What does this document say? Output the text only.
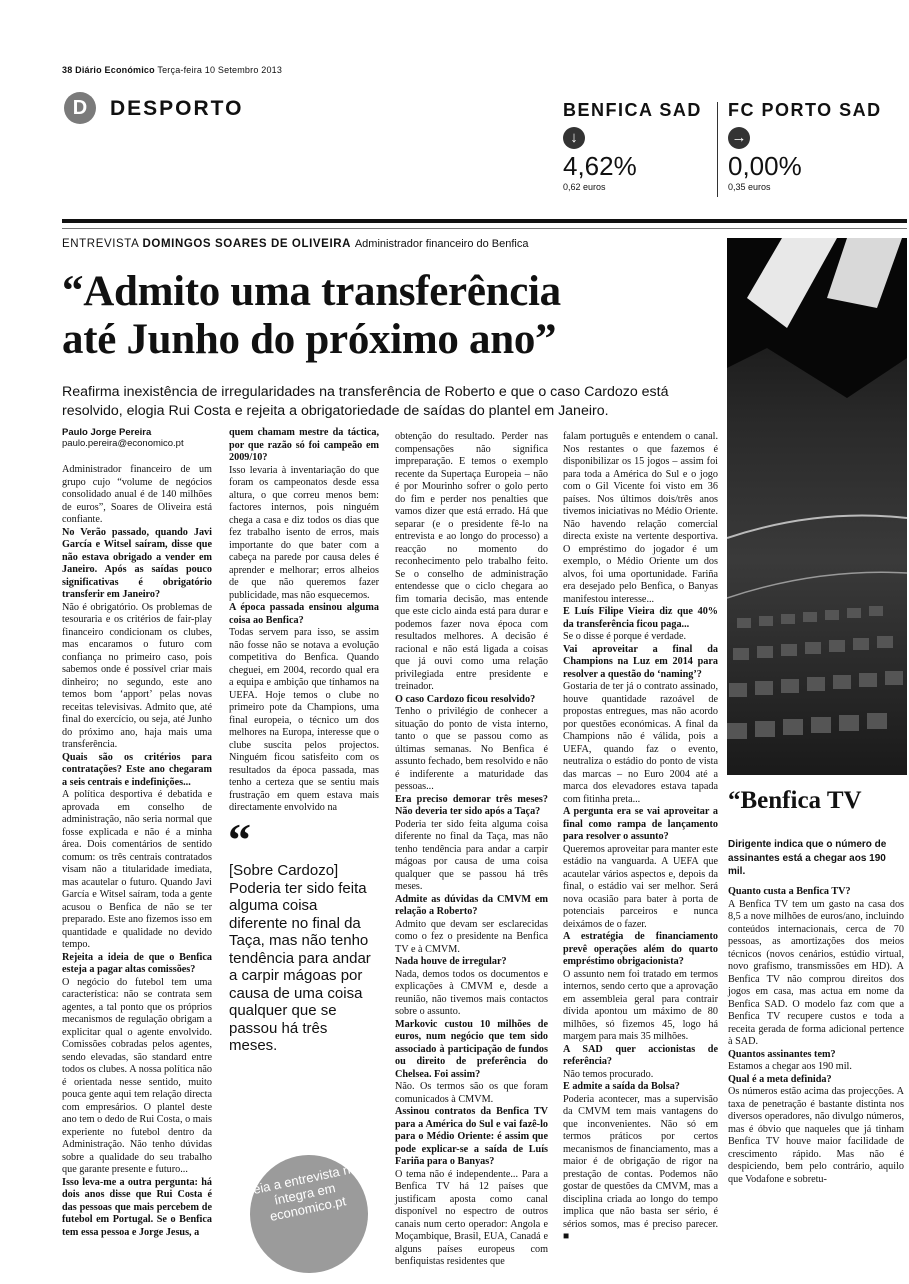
38 Diário Económico Terça-feira 10 Setembro 2013
D	DESPORTO	BENFICA SAD
↓
4,62%
0,62 euros
FC PORTO SAD
→
0,00%
0,35 euros
ENTREVISTA DOMINGOS SOARES DE OLIVEIRA Administrador financeiro do Benfica
“Admito uma transferência
até Junho do próximo ano”
Reafirma inexistência de irregularidades na transferência de Roberto e que o caso Cardozo está resolvido, elogia Rui Costa e rejeita a obrigatoriedade de saídas do plantel em Janeiro.
“Benfica TV
Dirigente indica que o número de assinantes está a chegar aos 190 mil.
Paulo Jorge Pereira
paulo.pereira@economico.pt

Administrador financeiro de um grupo cujo “volume de negócios consolidado anual é de 140 milhões de euros”, Soares de Oliveira está confiante.

No Verão passado, quando Javi García e Witsel saíram, disse que não estava obrigado a vender em Janeiro. Após as saídas pouco significativas é obrigatório transferir em Janeiro?

Não é obrigatório. Os problemas de tesouraria e os critérios de fair-play financeiro condicionam os clubes, mas encaramos o futuro com confiança no primeiro caso, pois sabemos onde é possível criar mais dinheiro; no segundo, este ano temos bom ‘apport’ pelas novas receitas televisivas. Admito que, até final do exercício, ou seja, até Junho do próximo ano, haja mais uma transferência.

Quais são os critérios para contratações? Este ano chegaram a seis centrais e indefinições...

A política desportiva é debatida e aprovada em conselho de administração, não seria normal que fosse explicada e não é a minha área. Dois comentários de sentido comum: os três centrais contratados visam não a titularidade imediata, mas acautelar o futuro. Quando Javi García e Witsel saíram, toda a gente acusou o Benfica de não se ter preparado. Este ano fizemos isso em quantidade e qualidade no devido tempo.

Rejeita a ideia de que o Benfica esteja a pagar altas comissões?

O negócio do futebol tem uma característica: não se contrata sem agentes, a tal ponto que os próprios mecanismos de regulação obrigam a explicitar qual o agente envolvido. Comissões cobradas pelos agentes, sendo elevadas, são standard entre todos os clubes. A nossa política não é orientada nesse sentido, muito pouca gente aqui tem relação directa com empresários. O plantel deste ano tem o dedo de Rui Costa, o mais experiente no futebol dentro da Administração. Não tenho dúvidas sobre a qualidade do seu trabalho que garante presente e futuro...

Isso leva-me a outra pergunta: há dois anos disse que Rui Costa é das pessoas que mais percebem de futebol em Portugal. Se o Benfica tem essa pessoa e Jorge Jesus, a

quem chamam mestre da táctica, por que razão só foi campeão em 2009/10?

Isso levaria à inventariação do que foram os campeonatos desde essa altura, o que correu menos bem: factores internos, pois ninguém chega a casa e diz todos os dias que fez trabalho isento de erros, mais importante do que bater com a cabeça na parede por causa deles é aprender e melhorar; erros alheios de que não queremos fazer publicidade, mas não esquecemos.

A época passada ensinou alguma coisa ao Benfica?

Todas servem para isso, se assim não fosse não se notava a evolução competitiva do Benfica. Quando cheguei, em 2004, recordo qual era a equipa e ambição que tínhamos na UEFA. Hoje temos o clube no primeiro pote da Champions, uma final europeia, o técnico um dos melhores na Europa, interesse que o clube suscita pelos projectos. Ninguém ficou satisfeito com os resultados da época passada, mas tenho a certeza que se sentiu mais frustração em quem estava mais directamente envolvido na

obtenção do resultado. Perder nas compensações não significa impreparação. E temos o exemplo recente da Supertaça Europeia – não é por Mourinho sofrer o golo perto do fim e perder nos penalties que vamos dizer que está errado. Há que separar (e o presidente fê-lo na entrevista e ao longo do processo) a reacção no momento do reconhecimento pelo trabalho feito. Se o conselho de administração entendesse que o ciclo chegara ao fim tomaria decisão, mas entende que este ciclo ainda está para durar e podemos fazer nova época com resultados melhores. A decisão é racional e não está ligada a coisas que já ouvi como uma relação privilegiada entre presidente e treinador.

O caso Cardozo ficou resolvido?

Tenho o privilégio de conhecer a situação do ponto de vista interno, tanto o que se passou como as últimas semanas. No Benfica é assunto fechado, bem resolvido e não é indiferente a maturidade das pessoas...

Era preciso demorar três meses? Não deveria ter sido após a Taça?

Poderia ter sido feita alguma coisa diferente no final da Taça, mas não tenho tendência para andar a carpir mágoas por causa de uma coisa qualquer que se passou há três meses.

Admite as dúvidas da CMVM em relação a Roberto?

Admito que devam ser esclarecidas como o fez o presidente na Benfica TV e à CMVM.

Nada houve de irregular?

Nada, demos todos os documentos e explicações à CMVM e, desde a reunião, não tivemos mais contactos sobre o assunto.

Markovic custou 10 milhões de euros, num negócio que tem sido associado à participação de fundos ou direito de preferência do Chelsea. Foi assim?

Não. Os termos são os que foram comunicados à CMVM.

Assinou contratos da Benfica TV para a América do Sul e vai fazê-lo para o Médio Oriente: é assim que pode explicar-se a saída de Luís Fariña para o Banyas?

O tema não é independente... Para a Benfica TV há 12 países que justificam aposta como canal disponível no espectro de outros canais num certo operador: Angola e Moçambique, Brasil, EUA, Canadá e alguns países europeus com benfiquistas residentes que

falam português e entendem o canal. Nos restantes o que fazemos é disponibilizar os 15 jogos – assim foi para toda a América do Sul e o jogo com o Gil Vicente foi visto em 36 países. Nos últimos dois/três anos tivemos iniciativas no Médio Oriente. Não havendo relação comercial directa existe na vertente desportiva. O empréstimo do jogador é um exemplo, o Médio Oriente um dos alvos, foi uma oportunidade. Fariña era desejado pelo Benfica, o Banyas manifestou interesse...

E Luís Filipe Vieira diz que 40% da transferência ficou paga...

Se o disse é porque é verdade.

Vai aproveitar a final da Champions na Luz em 2014 para resolver a questão do ‘naming’?

Gostaria de ter já o contrato assinado, houve quantidade razoável de propostas entregues, mas não acordo por questões económicas. A final da Champions não é válida, pois a UEFA, quando faz o evento, neutraliza o estádio do ponto de vista das marcas – no Euro 2004 até a marca dos elevadores estava tapada com fitinha preta...

A pergunta era se vai aproveitar a final como rampa de lançamento para resolver o assunto?

Queremos aproveitar para manter este estádio na vanguarda. A UEFA que acautelar vários aspectos e, depois da final, o estádio vai ser melhor. Será nova ocasião para bater à porta de potenciais parceiros e nunca deixámos de o fazer.

A estratégia de financiamento prevê operações além do quarto empréstimo obrigacionista?

O assunto nem foi tratado em termos internos, sendo certo que a aprovação em assembleia geral para contrair dívida apontou um máximo de 80 milhões, só fizemos 45, logo há margem para mais 35 milhões.

A SAD quer accionistas de referência?

Não temos procurado.

E admite a saída da Bolsa?

Poderia acontecer, mas a supervisão da CMVM tem mais vantagens do que inconvenientes. Não só em termos práticos por certos mecanismos de financiamento, mas a maior é de obrigação de rigor na prestação de contas. Podemos não gostar de questões da CMVM, mas a disciplina criada ao longo do tempo implica que não basta ser sério, é sérios somos, mas é preciso parecer. ■

Quanto custa a Benfica TV?

A Benfica TV tem um gasto na casa dos 8,5 a nove milhões de euros/ano, incluindo conteúdos internacionais, cerca de 70 pessoas, as amortizações dos meios técnicos (novos cenários, estúdio virtual, novo grafismo, transmissões em HD). A Benfica TV não comprou direitos dos jogos em casa, mas actua em nome da Benfica SAD. O modelo faz com que a Benfica TV recupere custos e toda a receita gerada de forma adicional pertence à SAD.

Quantos assinantes tem?

Estamos a chegar aos 190 mil.

Qual é a meta definida?

Os números estão acima das projecções. A taxa de penetração é bastante distinta nos diversos operadores, não divulgo números, mas é óbvio que naqueles que já tinham Benfica TV houve maior facilidade de crescimento rápido. Mas não é despiciendo, bem pelo contrário, aquilo que Vodafone e sobretu-

“
[Sobre Cardozo] Poderia ter sido feita alguma coisa diferente no final da Taça, mas não tenho tendência para andar a carpir mágoas por causa de uma coisa qualquer que se passou há três meses.
Leia a entrevista na íntegra em economico.pt
